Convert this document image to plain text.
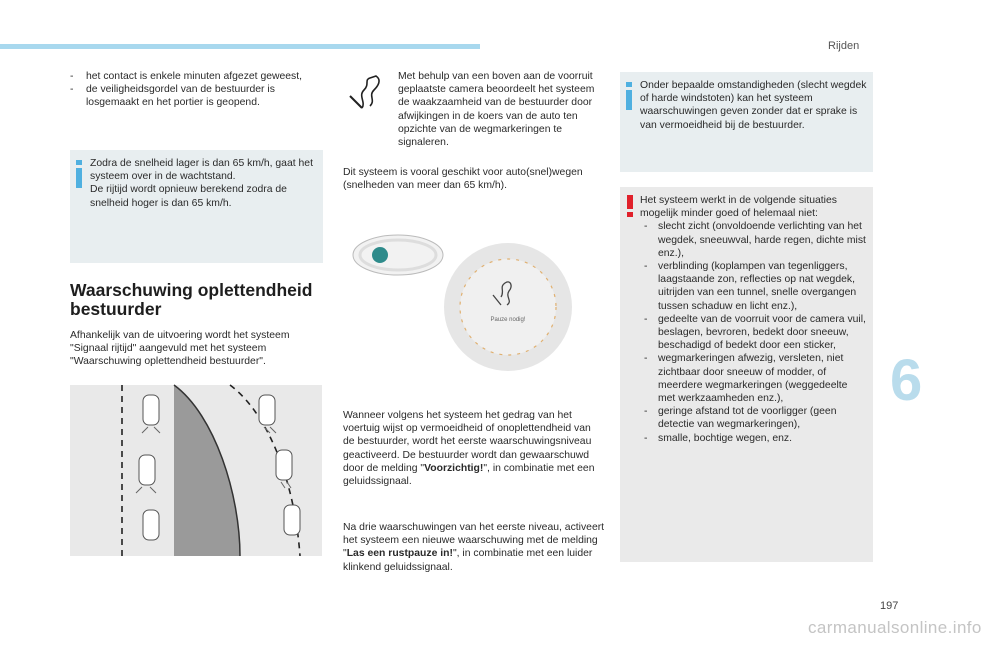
Rijden
- het contact is enkele minuten afgezet geweest,
- de veiligheidsgordel van de bestuurder is losgemaakt en het portier is geopend.

Zodra de snelheid lager is dan 65 km/h, gaat het systeem over in de wachtstand.

De rijtijd wordt opnieuw berekend zodra de snelheid hoger is dan 65 km/h.

Waarschuwing oplettendheid bestuurder

Afhankelijk van de uitvoering wordt het systeem "Signaal rijtijd" aangevuld met het systeem "Waarschuwing oplettendheid bestuurder".

Met behulp van een boven aan de voorruit geplaatste camera beoordeelt het systeem de waakzaamheid van de bestuurder door afwijkingen in de koers van de auto ten opzichte van de wegmarkeringen te signaleren.

Dit systeem is vooral geschikt voor auto(snel)wegen (snelheden van meer dan 65 km/h).

Pauze nodig!

Wanneer volgens het systeem het gedrag van het voertuig wijst op vermoeidheid of onoplettendheid van de bestuurder, wordt het eerste waarschuwingsniveau geactiveerd. De bestuurder wordt dan gewaarschuwd door de melding "Voorzichtig!", in combinatie met een geluidssignaal.

Na drie waarschuwingen van het eerste niveau, activeert het systeem een nieuwe waarschuwing met de melding "Las een rustpauze in!", in combinatie met een luider klinkend geluidssignaal.

Onder bepaalde omstandigheden (slecht wegdek of harde windstoten) kan het systeem waarschuwingen geven zonder dat er sprake is van vermoeidheid bij de bestuurder.

Het systeem werkt in de volgende situaties mogelijk minder goed of helemaal niet:

- slecht zicht (onvoldoende verlichting van het wegdek, sneeuwval, harde regen, dichte mist enz.),
- verblinding (koplampen van tegenliggers, laagstaande zon, reflecties op nat wegdek, uitrijden van een tunnel, snelle overgangen tussen schaduw en licht enz.),
- gedeelte van de voorruit voor de camera vuil, beslagen, bevroren, bedekt door sneeuw, beschadigd of bedekt door een sticker,
- wegmarkeringen afwezig, versleten, niet zichtbaar door sneeuw of modder, of meerdere wegmarkeringen (weggedeelte met werkzaamheden enz.),
- geringe afstand tot de voorligger (geen detectie van wegmarkeringen),
- smalle, bochtige wegen, enz.
6
197
carmanualsonline.info
